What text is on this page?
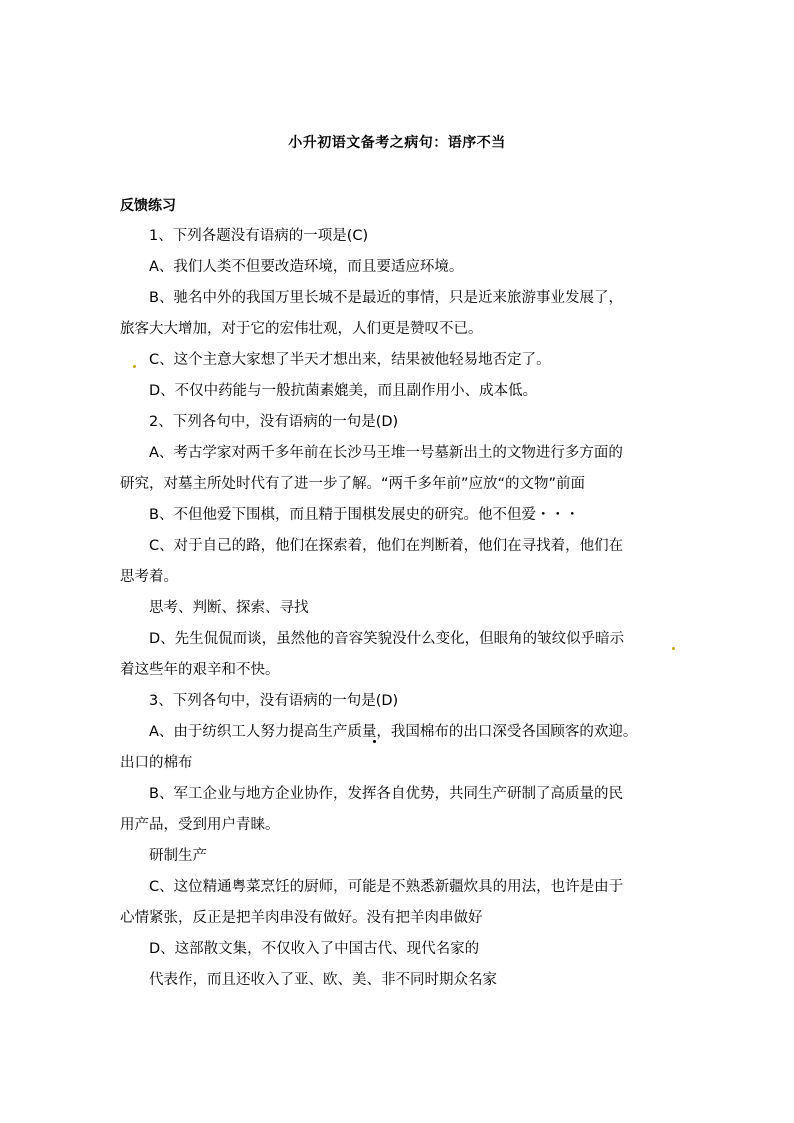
小升初语文备考之病句：语序不当
反馈练习
1、下列各题没有语病的一项是(C)
A、我们人类不但要改造环境，而且要适应环境。
B、驰名中外的我国万里长城不是最近的事情，只是近来旅游事业发展了，
旅客大大增加，对于它的宏伟壮观，人们更是赞叹不已。
C、这个主意大家想了半天才想出来，结果被他轻易地否定了。
D、不仅中药能与一般抗菌素媲美，而且副作用小、成本低。
2、下列各句中，没有语病的一句是(D)
A、考古学家对两千多年前在长沙马王堆一号墓新出土的文物进行多方面的
研究，对墓主所处时代有了进一步了解。“两千多年前”应放“的文物”前面
B、不但他爱下围棋，而且精于围棋发展史的研究。他不但爱・・・
C、对于自己的路，他们在探索着，他们在判断着，他们在寻找着，他们在
思考着。
思考、判断、探索、寻找
D、先生侃侃而谈，虽然他的音容笑貌没什么变化，但眼角的皱纹似乎暗示
着这些年的艰辛和不快。
3、下列各句中，没有语病的一句是(D)
A、由于纺织工人努力提高生产质量，我国棉布的出口深受各国顾客的欢迎。
出口的棉布
B、军工企业与地方企业协作，发挥各自优势，共同生产研制了高质量的民
用产品，受到用户青睐。
研制生产
C、这位精通粤菜烹饪的厨师，可能是不熟悉新疆炊具的用法，也许是由于
心情紧张，反正是把羊肉串没有做好。没有把羊肉串做好
D、这部散文集，不仅收入了中国古代、现代名家的
代表作，而且还收入了亚、欧、美、非不同时期众名家
